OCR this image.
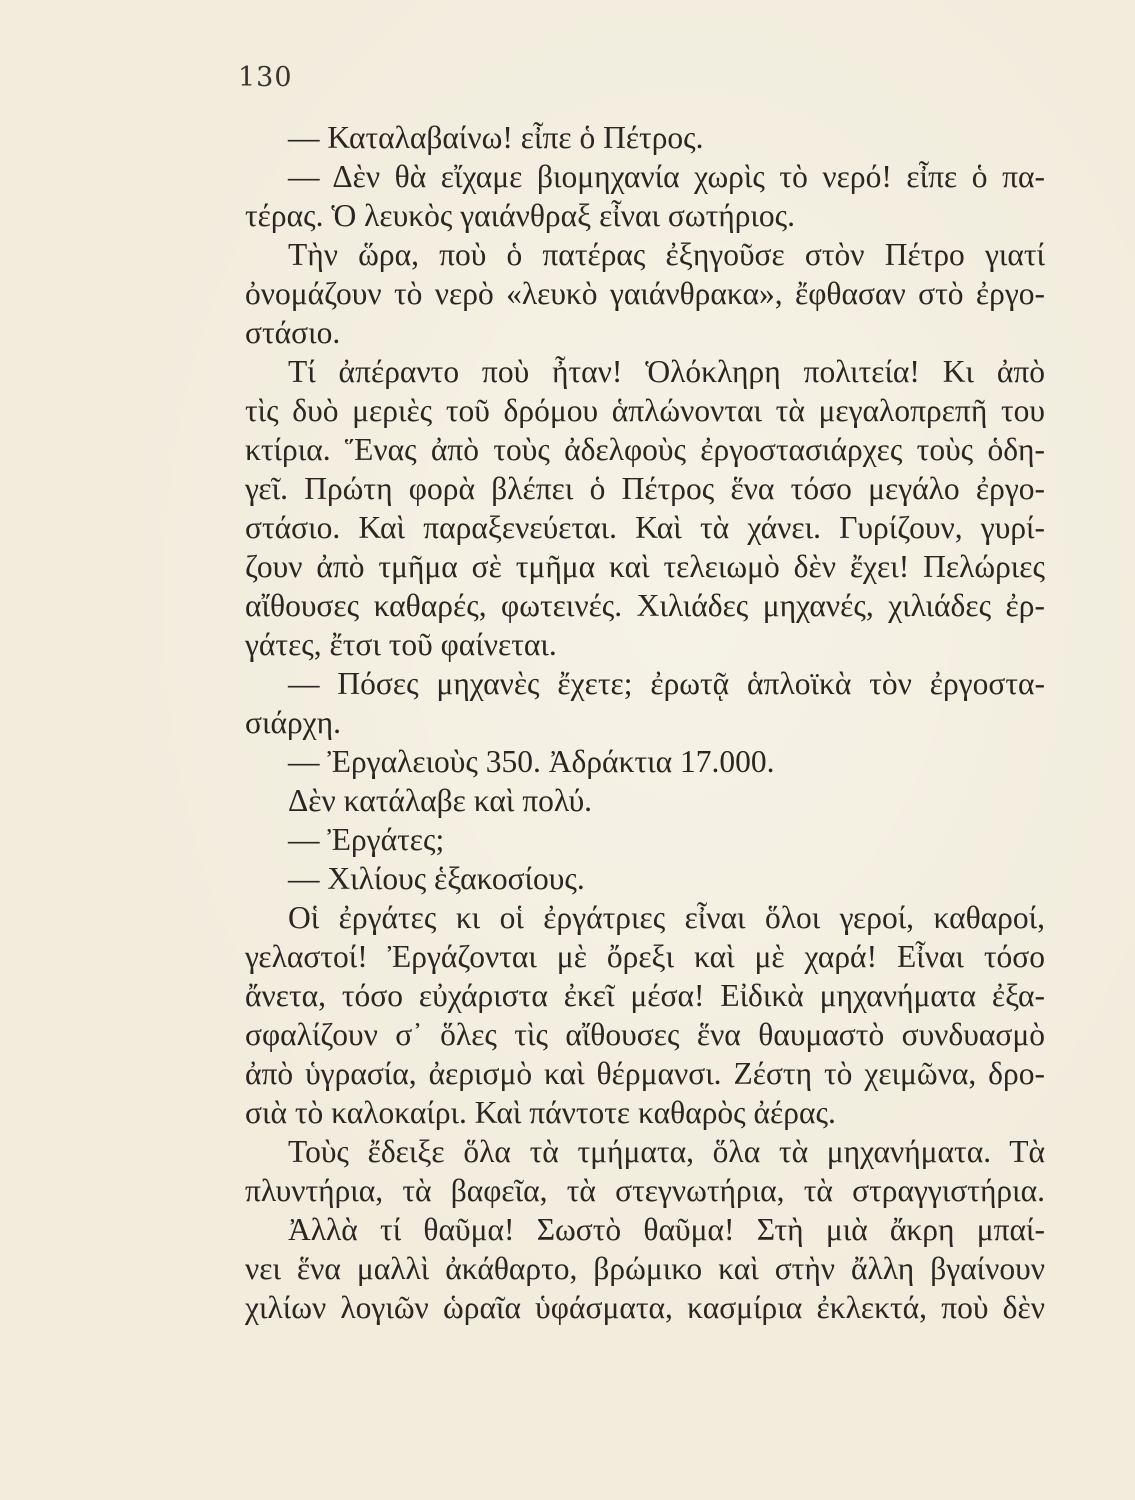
130
— Καταλαβαίνω! εἶπε ὁ Πέτρος.
— Δὲν θὰ εἴχαμε βιομηχανία χωρὶς τὸ νερό! εἶπε ὁ πα-
τέρας. Ὁ λευκὸς γαιάνθραξ εἶναι σωτήριος.
Τὴν ὥρα, ποὺ ὁ πατέρας ἐξηγοῦσε στὸν Πέτρο γιατί
ὀνομάζουν τὸ νερὸ «λευκὸ γαιάνθρακα», ἔφθασαν στὸ ἐργο-
στάσιο.
Τί ἀπέραντο ποὺ ἦταν! Ὁλόκληρη πολιτεία! Κι ἀπὸ
τὶς δυὸ μεριὲς τοῦ δρόμου ἁπλώνονται τὰ μεγαλοπρεπῆ του
κτίρια. Ἕνας ἀπὸ τοὺς ἀδελφοὺς ἐργοστασιάρχες τοὺς ὁδη-
γεῖ. Πρώτη φορὰ βλέπει ὁ Πέτρος ἕνα τόσο μεγάλο ἐργο-
στάσιο. Καὶ παραξενεύεται. Καὶ τὰ χάνει. Γυρίζουν, γυρί-
ζουν ἀπὸ τμῆμα σὲ τμῆμα καὶ τελειωμὸ δὲν ἔχει! Πελώριες
αἴθουσες καθαρές, φωτεινές. Χιλιάδες μηχανές, χιλιάδες ἐρ-
γάτες, ἔτσι τοῦ φαίνεται.
— Πόσες μηχανὲς ἔχετε; ἐρωτᾷ ἁπλοϊκὰ τὸν ἐργοστα-
σιάρχη.
— Ἐργαλειοὺς 350. Ἀδράκτια 17.000.
Δὲν κατάλαβε καὶ πολύ.
— Ἐργάτες;
— Χιλίους ἑξακοσίους.
Οἱ ἐργάτες κι οἱ ἐργάτριες εἶναι ὅλοι γεροί, καθαροί,
γελαστοί! Ἐργάζονται μὲ ὄρεξι καὶ μὲ χαρά! Εἶναι τόσο
ἄνετα, τόσο εὐχάριστα ἐκεῖ μέσα! Εἰδικὰ μηχανήματα ἐξα-
σφαλίζουν σ᾽ ὅλες τὶς αἴθουσες ἕνα θαυμαστὸ συνδυασμὸ
ἀπὸ ὑγρασία, ἀερισμὸ καὶ θέρμανσι. Ζέστη τὸ χειμῶνα, δρο-
σιὰ τὸ καλοκαίρι. Καὶ πάντοτε καθαρὸς ἀέρας.
Τοὺς ἔδειξε ὅλα τὰ τμήματα, ὅλα τὰ μηχανήματα. Τὰ
πλυντήρια, τὰ βαφεῖα, τὰ στεγνωτήρια, τὰ στραγγιστήρια.
Ἀλλὰ τί θαῦμα! Σωστὸ θαῦμα! Στὴ μιὰ ἄκρη μπαί-
νει ἕνα μαλλὶ ἀκάθαρτο, βρώμικο καὶ στὴν ἄλλη βγαίνουν
χιλίων λογιῶν ὡραῖα ὑφάσματα, κασμίρια ἐκλεκτά, ποὺ δὲν
